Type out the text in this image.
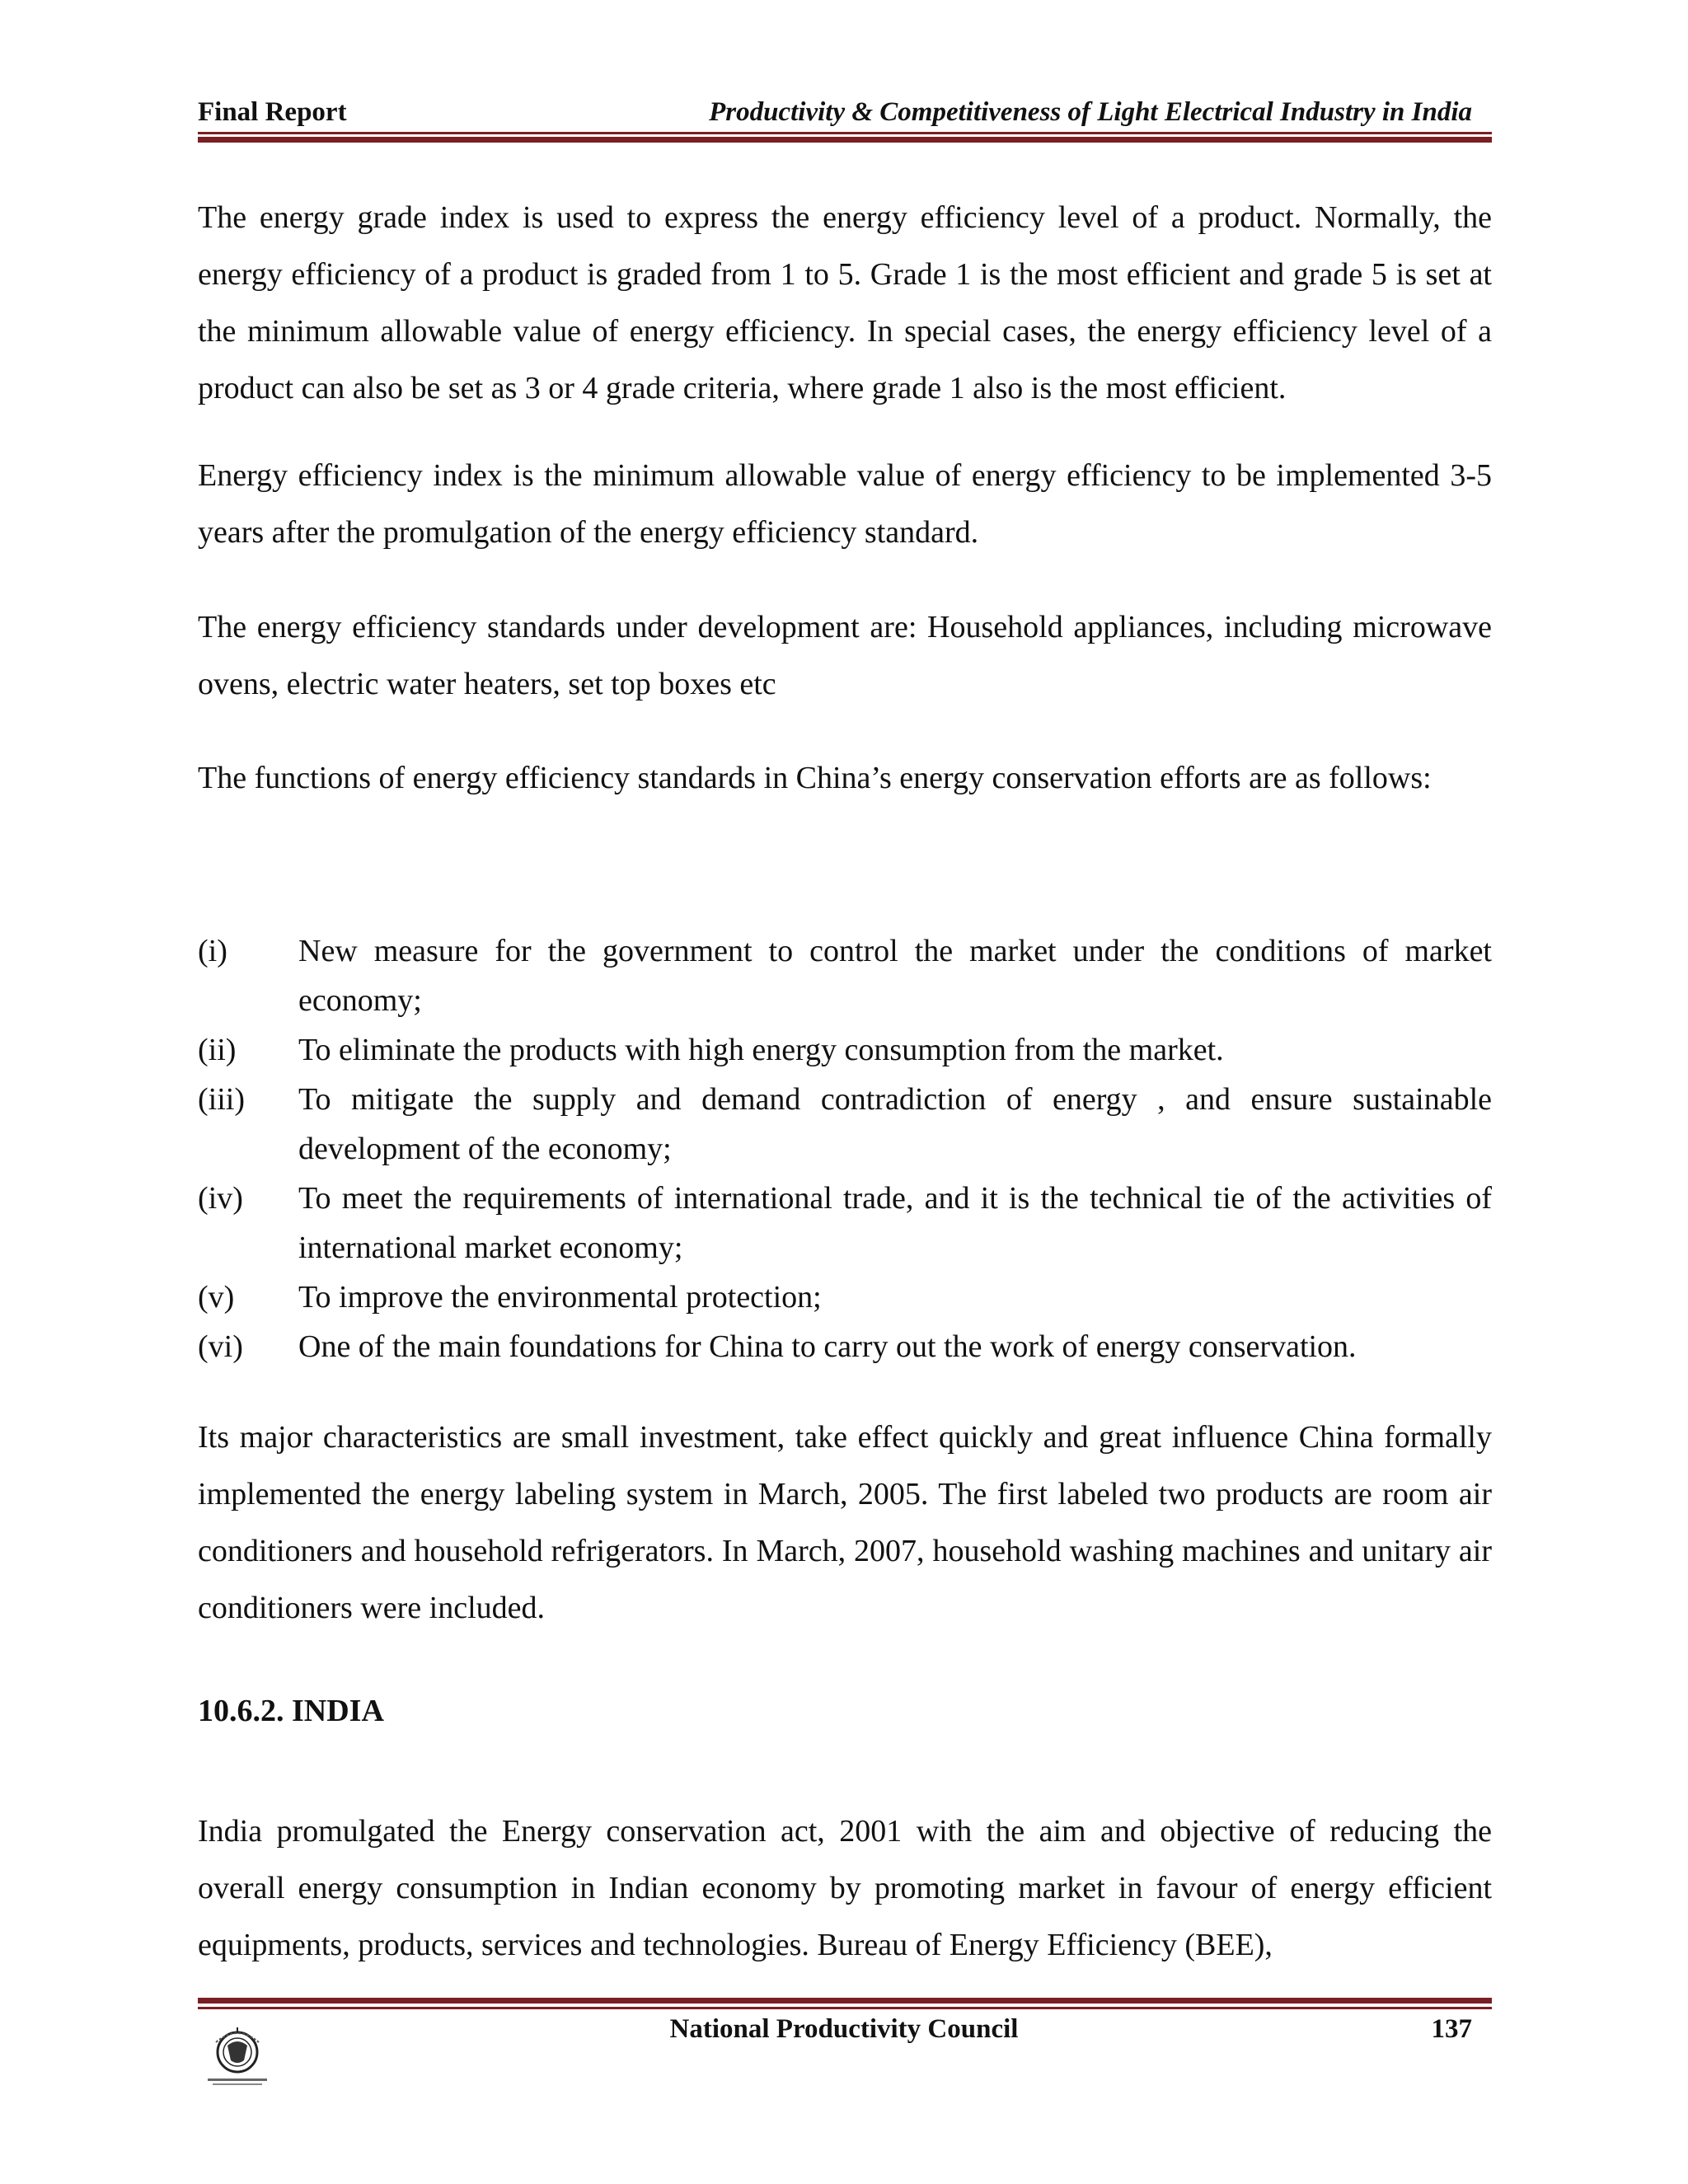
Final Report	Productivity & Competitiveness of Light Electrical Industry in India

The energy grade index is used to express the energy efficiency level of a product. Normally, the energy efficiency of a product is graded from 1 to 5. Grade 1 is the most efficient and grade 5 is set at the minimum allowable value of energy efficiency. In special cases, the energy efficiency level of a product can also be set as 3 or 4 grade criteria, where grade 1 also is the most efficient.

Energy efficiency index is the minimum allowable value of energy efficiency to be implemented 3-5 years after the promulgation of the energy efficiency standard.

The energy efficiency standards under development are: Household appliances, including microwave ovens, electric water heaters, set top boxes etc

The functions of energy efficiency standards in China’s energy conservation efforts are as follows:

(i) New measure for the government to control the market under the conditions of market economy;
(ii) To eliminate the products with high energy consumption from the market.
(iii) To mitigate the supply and demand contradiction of energy , and ensure sustainable development of the economy;
(iv) To meet the requirements of international trade, and it is the technical tie of the activities of international market economy;
(v) To improve the environmental protection;
(vi) One of the main foundations for China to carry out the work of energy conservation.

Its major characteristics are small investment, take effect quickly and great influence China formally implemented the energy labeling system in March, 2005. The first labeled two products are room air conditioners and household refrigerators. In March, 2007, household washing machines and unitary air conditioners were included.

10.6.2. INDIA

India promulgated the Energy conservation act, 2001 with the aim and objective of reducing the overall energy consumption in Indian economy by promoting market in favour of energy efficient equipments, products, services and technologies. Bureau of Energy Efficiency (BEE),

National Productivity Council	137
